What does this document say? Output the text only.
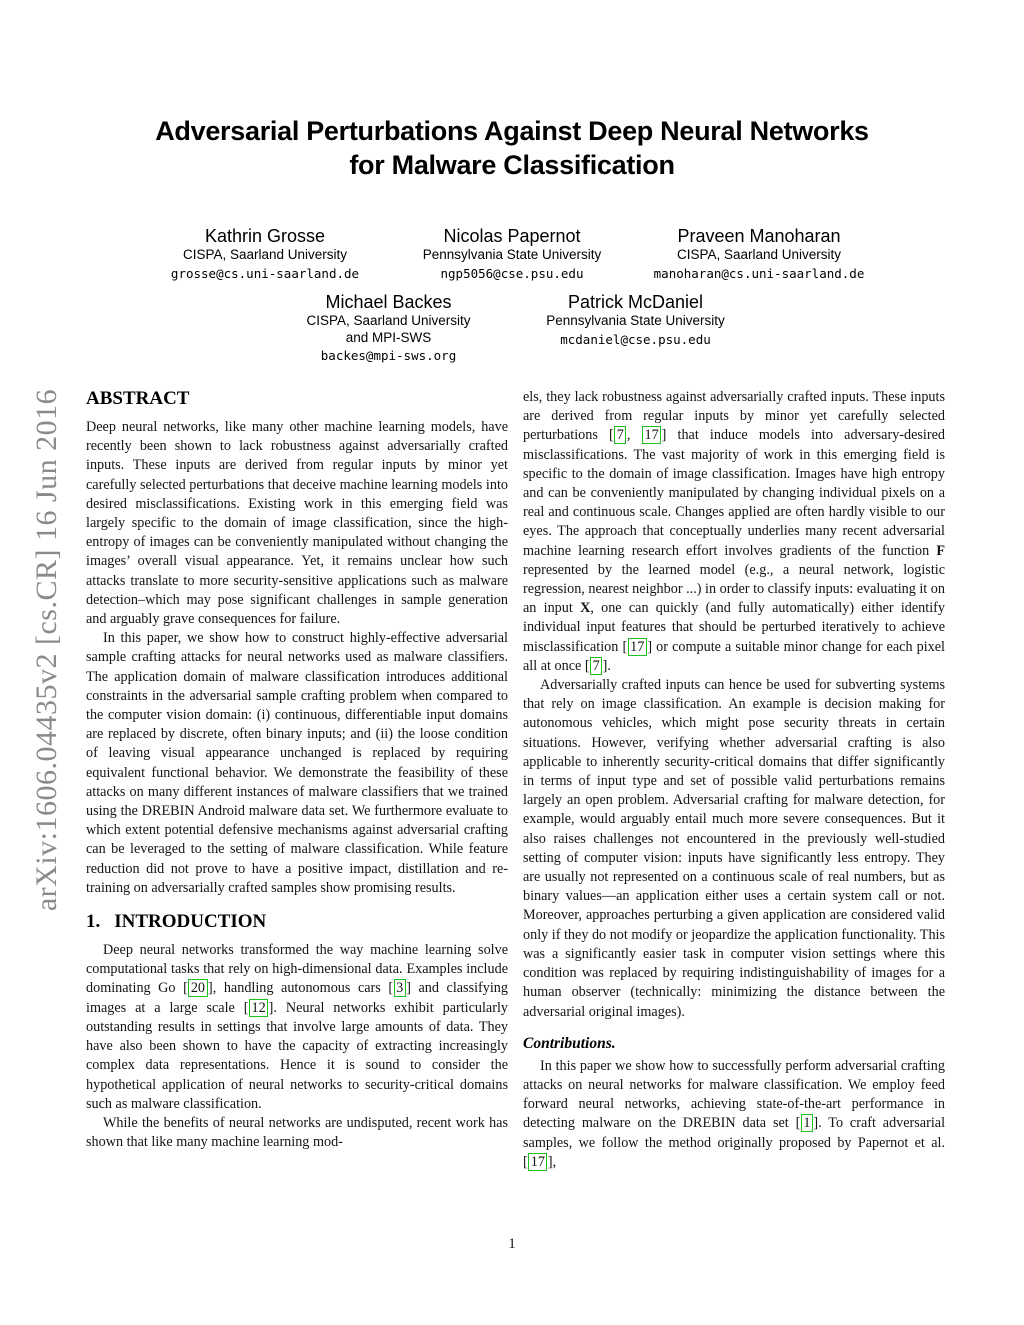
arXiv:1606.04435v2 [cs.CR] 16 Jun 2016
Adversarial Perturbations Against Deep Neural Networks
for Malware Classification
Kathrin Grosse
CISPA, Saarland University
grosse@cs.uni-saarland.de
Nicolas Papernot
Pennsylvania State University
ngp5056@cse.psu.edu
Praveen Manoharan
CISPA, Saarland University
manoharan@cs.uni-saarland.de
Michael Backes
CISPA, Saarland University
and MPI-SWS
backes@mpi-sws.org
Patrick McDaniel
Pennsylvania State University
mcdaniel@cse.psu.edu
ABSTRACT

Deep neural networks, like many other machine learning models, have recently been shown to lack robustness against adversarially crafted inputs. These inputs are derived from regular inputs by minor yet carefully selected perturbations that deceive machine learning models into desired misclassifications. Existing work in this emerging field was largely specific to the domain of image classification, since the high-entropy of images can be conveniently manipulated without changing the images’ overall visual appearance. Yet, it remains unclear how such attacks translate to more security-sensitive applications such as malware detection–which may pose significant challenges in sample generation and arguably grave consequences for failure.

In this paper, we show how to construct highly-effective adversarial sample crafting attacks for neural networks used as malware classifiers. The application domain of malware classification introduces additional constraints in the adversarial sample crafting problem when compared to the computer vision domain: (i) continuous, differentiable input domains are replaced by discrete, often binary inputs; and (ii) the loose condition of leaving visual appearance unchanged is replaced by requiring equivalent functional behavior. We demonstrate the feasibility of these attacks on many different instances of malware classifiers that we trained using the DREBIN Android malware data set. We furthermore evaluate to which extent potential defensive mechanisms against adversarial crafting can be leveraged to the setting of malware classification. While feature reduction did not prove to have a positive impact, distillation and re-training on adversarially crafted samples show promising results.

1. INTRODUCTION

Deep neural networks transformed the way machine learning solve computational tasks that rely on high-dimensional data. Examples include dominating Go [ 20 ], handling autonomous cars [ 3 ] and classifying images at a large scale [ 12 ]. Neural networks exhibit particularly outstanding results in settings that involve large amounts of data. They have also been shown to have the capacity of extracting increasingly complex data representations. Hence it is sound to consider the hypothetical application of neural networks to security-critical domains such as malware classification.

While the benefits of neural networks are undisputed, recent work has shown that like many machine learning mod-

els, they lack robustness against adversarially crafted inputs. These inputs are derived from regular inputs by minor yet carefully selected perturbations [ 7 , 17 ] that induce models into adversary-desired misclassifications. The vast majority of work in this emerging field is specific to the domain of image classification. Images have high entropy and can be conveniently manipulated by changing individual pixels on a real and continuous scale. Changes applied are often hardly visible to our eyes. The approach that conceptually underlies many recent adversarial machine learning research effort involves gradients of the function F represented by the learned model (e.g., a neural network, logistic regression, nearest neighbor ...) in order to classify inputs: evaluating it on an input X, one can quickly (and fully automatically) either identify individual input features that should be perturbed iteratively to achieve misclassification [ 17 ] or compute a suitable minor change for each pixel all at once [ 7 ].

Adversarially crafted inputs can hence be used for subverting systems that rely on image classification. An example is decision making for autonomous vehicles, which might pose security threats in certain situations. However, verifying whether adversarial crafting is also applicable to inherently security-critical domains that differ significantly in terms of input type and set of possible valid perturbations remains largely an open problem. Adversarial crafting for malware detection, for example, would arguably entail much more severe consequences. But it also raises challenges not encountered in the previously well-studied setting of computer vision: inputs have significantly less entropy. They are usually not represented on a continuous scale of real numbers, but as binary values—an application either uses a certain system call or not. Moreover, approaches perturbing a given application are considered valid only if they do not modify or jeopardize the application functionality. This was a significantly easier task in computer vision settings where this condition was replaced by requiring indistinguishability of images for a human observer (technically: minimizing the distance between the adversarial original images).

Contributions.

In this paper we show how to successfully perform adversarial crafting attacks on neural networks for malware classification. We employ feed forward neural networks, achieving state-of-the-art performance in detecting malware on the DREBIN data set [ 1 ]. To craft adversarial samples, we follow the method originally proposed by Papernot et al. [ 17 ],

1
